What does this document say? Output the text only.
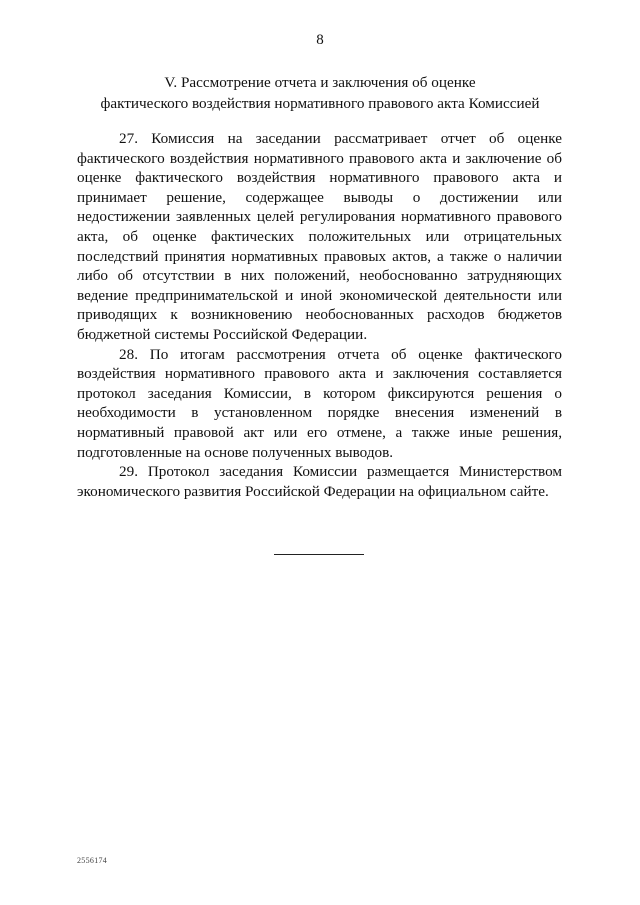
8
V. Рассмотрение отчета и заключения об оценке
фактического воздействия нормативного правового акта Комиссией

27. Комиссия на заседании рассматривает отчет об оценке фактического воздействия нормативного правового акта и заключение об оценке фактического воздействия нормативного правового акта и принимает решение, содержащее выводы о достижении или недостижении заявленных целей регулирования нормативного правового акта, об оценке фактических положительных или отрицательных последствий принятия нормативных правовых актов, а также о наличии либо об отсутствии в них положений, необоснованно затрудняющих ведение предпринимательской и иной экономической деятельности или приводящих к возникновению необоснованных расходов бюджетов бюджетной системы Российской Федерации.

28. По итогам рассмотрения отчета об оценке фактического воздействия нормативного правового акта и заключения составляется протокол заседания Комиссии, в котором фиксируются решения о необходимости в установленном порядке внесения изменений в нормативный правовой акт или его отмене, а также иные решения, подготовленные на основе полученных выводов.

29. Протокол заседания Комиссии размещается Министерством экономического развития Российской Федерации на официальном сайте.

2556174
